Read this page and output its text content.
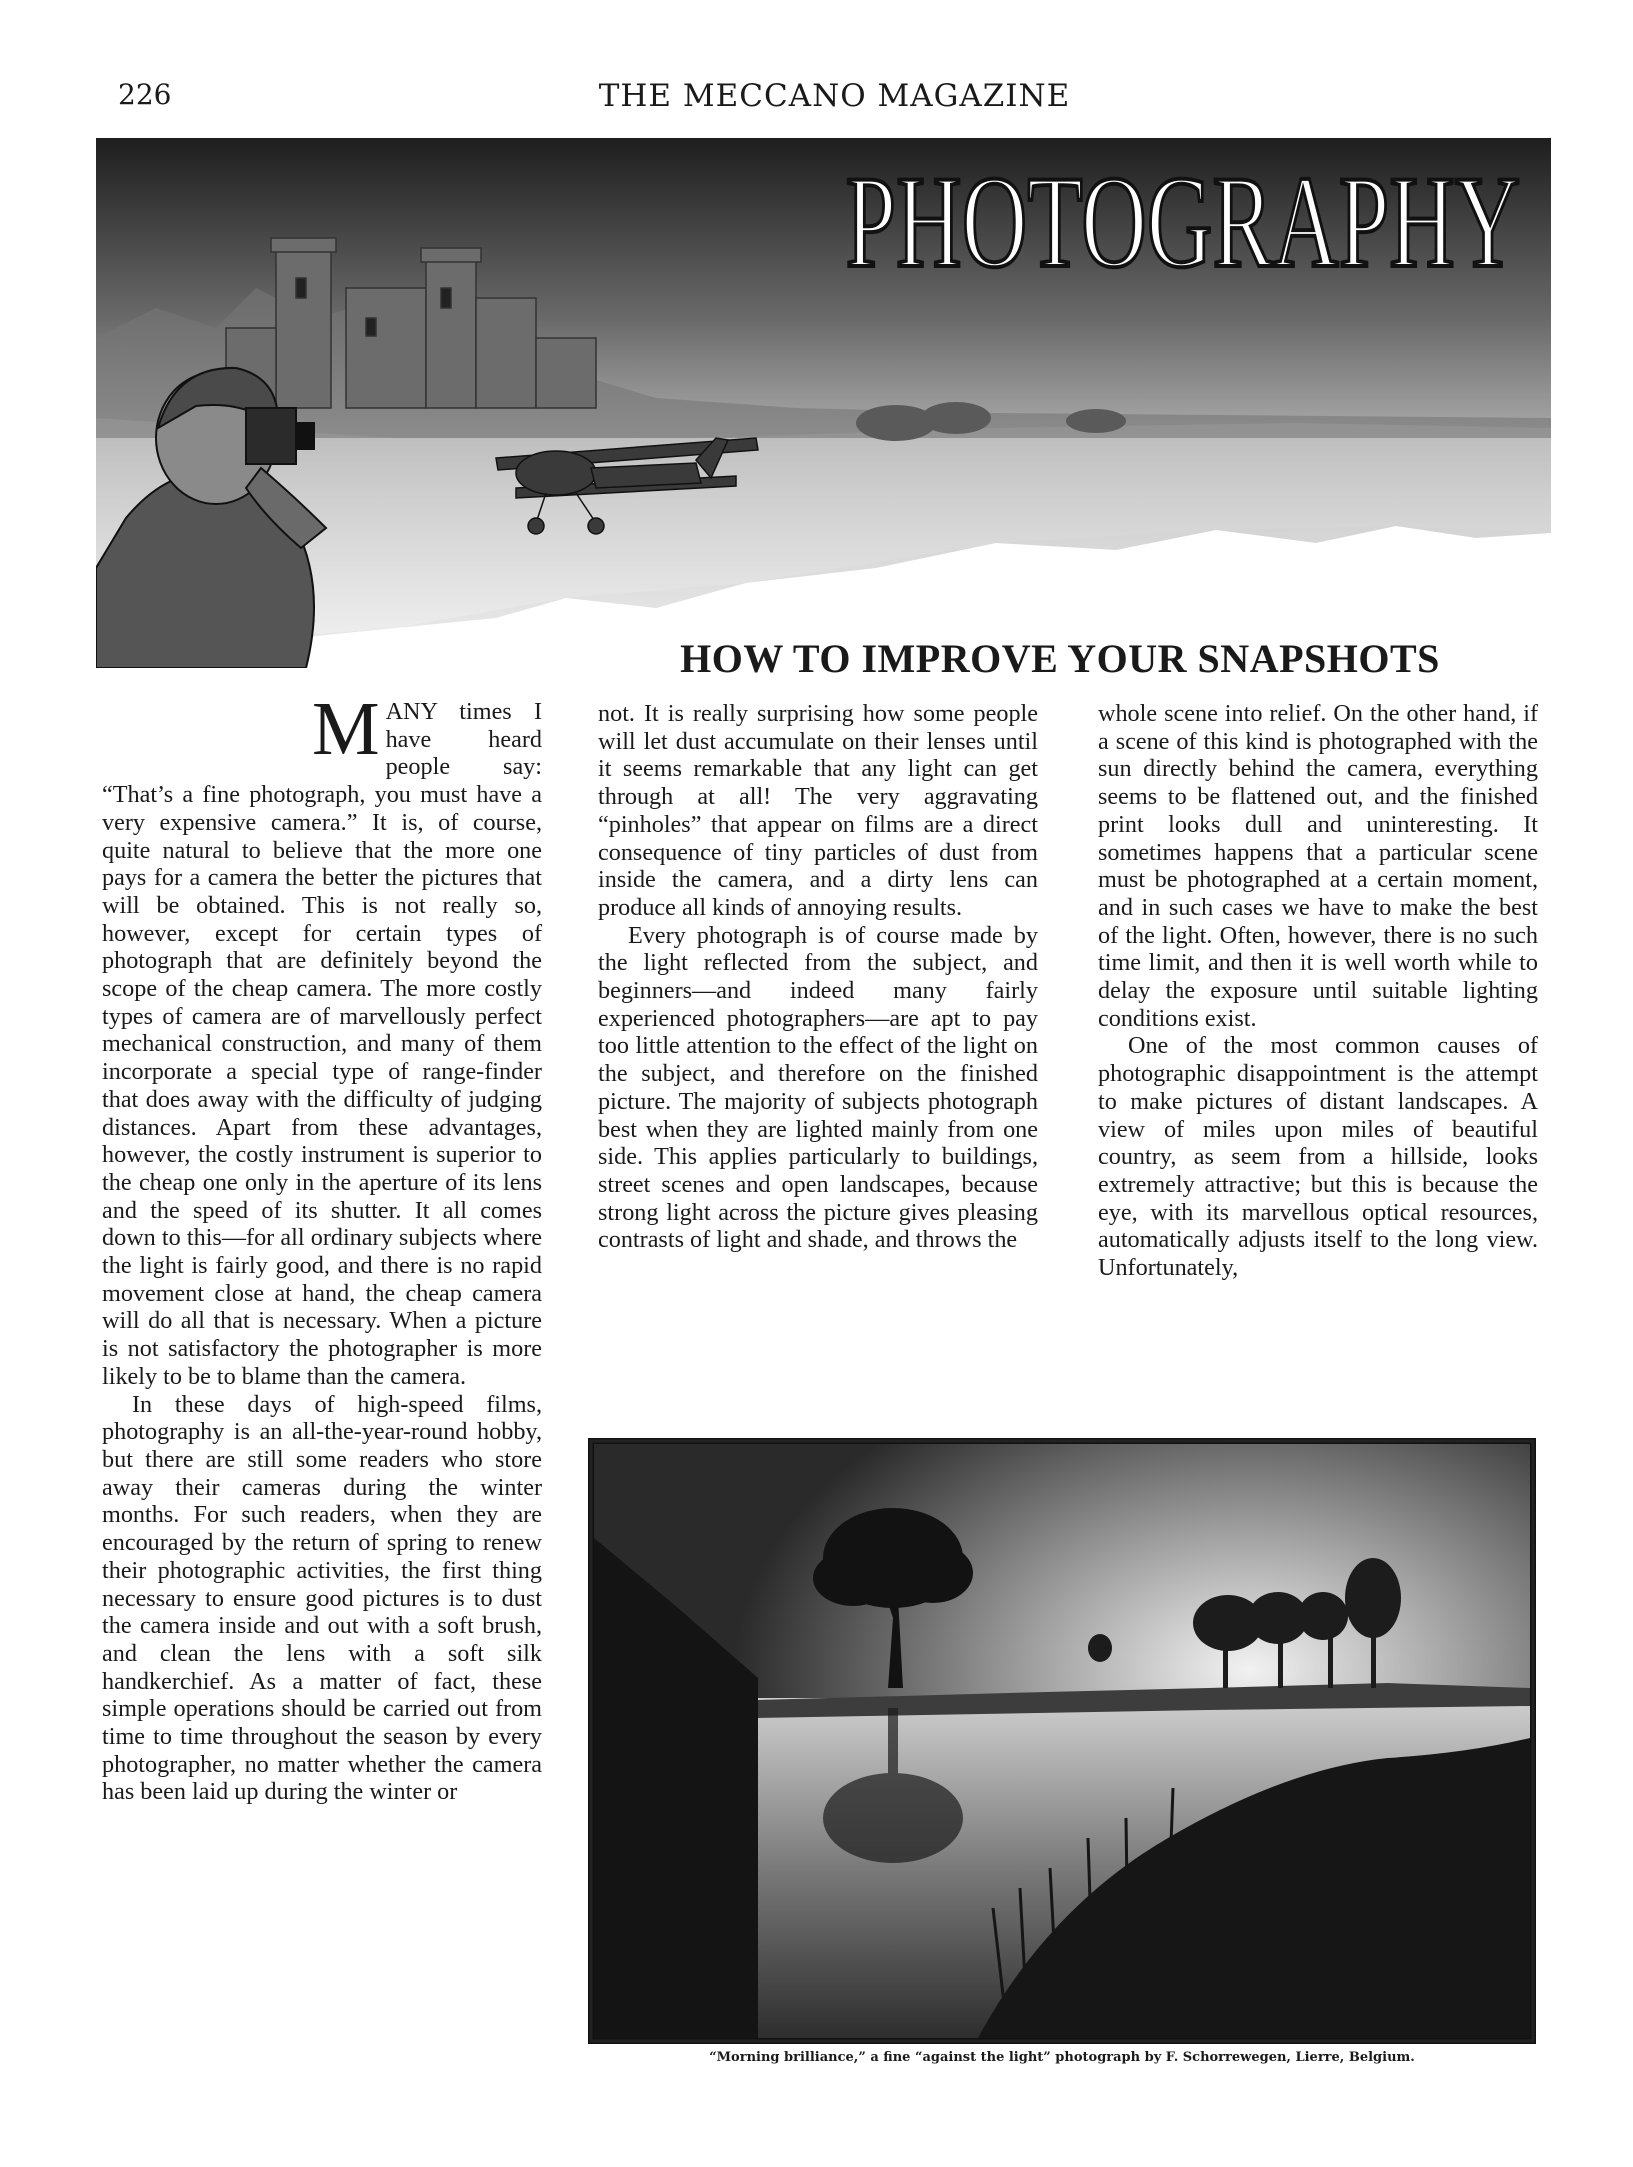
226	THE MECCANO MAGAZINE
PHOTOGRAPHY
HOW TO IMPROVE YOUR SNAPSHOTS
M ANY times I have heard people say: “That’s a fine photograph, you must have a very expensive camera.” It is, of course, quite natural to believe that the more one pays for a camera the better the pictures that will be obtained. This is not really so, however, except for certain types of photograph that are definitely beyond the scope of the cheap camera. The more costly types of camera are of marvellously perfect mechanical construction, and many of them incorporate a special type of range-finder that does away with the difficulty of judging distances. Apart from these advantages, however, the costly instrument is superior to the cheap one only in the aperture of its lens and the speed of its shutter. It all comes down to this—for all ordinary subjects where the light is fairly good, and there is no rapid movement close at hand, the cheap camera will do all that is necessary. When a picture is not satisfactory the photographer is more likely to be to blame than the camera.

In these days of high-speed films, photography is an all-the-year-round hobby, but there are still some readers who store away their cameras during the winter months. For such readers, when they are encouraged by the return of spring to renew their photographic activities, the first thing necessary to ensure good pictures is to dust the camera inside and out with a soft brush, and clean the lens with a soft silk handkerchief. As a matter of fact, these simple operations should be carried out from time to time throughout the season by every photographer, no matter whether the camera has been laid up during the winter or

not. It is really surprising how some people will let dust accumulate on their lenses until it seems remarkable that any light can get through at all! The very aggravating “pinholes” that appear on films are a direct consequence of tiny particles of dust from inside the camera, and a dirty lens can produce all kinds of annoying results.

Every photograph is of course made by the light reflected from the subject, and beginners—and indeed many fairly experienced photographers—are apt to pay too little attention to the effect of the light on the subject, and therefore on the finished picture. The majority of subjects photograph best when they are lighted mainly from one side. This applies particularly to buildings, street scenes and open landscapes, because strong light across the picture gives pleasing contrasts of light and shade, and throws the

whole scene into relief. On the other hand, if a scene of this kind is photographed with the sun directly behind the camera, everything seems to be flattened out, and the finished print looks dull and uninteresting. It sometimes happens that a particular scene must be photographed at a certain moment, and in such cases we have to make the best of the light. Often, however, there is no such time limit, and then it is well worth while to delay the exposure until suitable lighting conditions exist.

One of the most common causes of photographic disappointment is the attempt to make pictures of distant landscapes. A view of miles upon miles of beautiful country, as seem from a hillside, looks extremely attractive; but this is because the eye, with its marvellous optical resources, automatically adjusts itself to the long view. Unfortunately,

“Morning brilliance,” a fine “against the light” photograph by F. Schorrewegen, Lierre, Belgium.
